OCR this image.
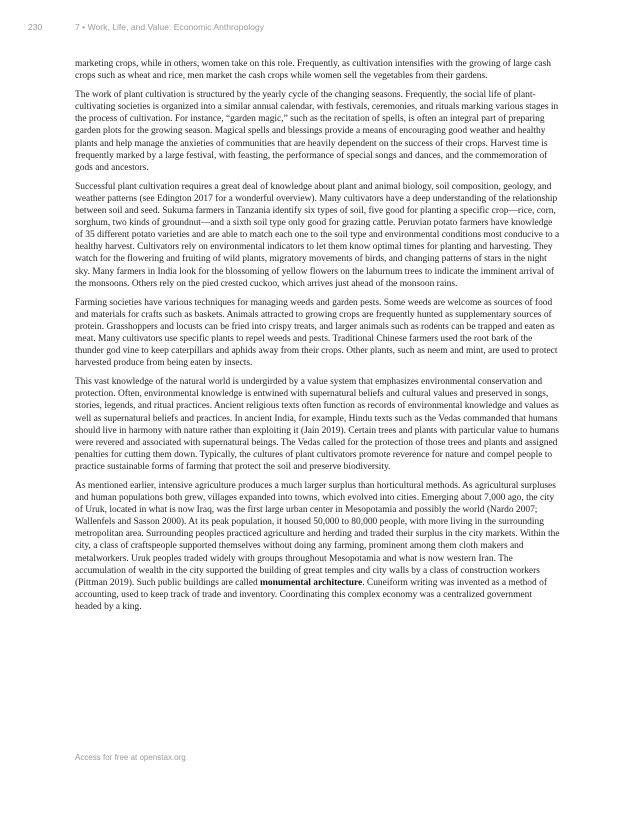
230	7 • Work, Life, and Value: Economic Anthropology

marketing crops, while in others, women take on this role. Frequently, as cultivation intensifies with the growing of large cash crops such as wheat and rice, men market the cash crops while women sell the vegetables from their gardens.

The work of plant cultivation is structured by the yearly cycle of the changing seasons. Frequently, the social life of plant-cultivating societies is organized into a similar annual calendar, with festivals, ceremonies, and rituals marking various stages in the process of cultivation. For instance, “garden magic,” such as the recitation of spells, is often an integral part of preparing garden plots for the growing season. Magical spells and blessings provide a means of encouraging good weather and healthy plants and help manage the anxieties of communities that are heavily dependent on the success of their crops. Harvest time is frequently marked by a large festival, with feasting, the performance of special songs and dances, and the commemoration of gods and ancestors.

Successful plant cultivation requires a great deal of knowledge about plant and animal biology, soil composition, geology, and weather patterns (see Edington 2017 for a wonderful overview). Many cultivators have a deep understanding of the relationship between soil and seed. Sukuma farmers in Tanzania identify six types of soil, five good for planting a specific crop—rice, corn, sorghum, two kinds of groundnut—and a sixth soil type only good for grazing cattle. Peruvian potato farmers have knowledge of 35 different potato varieties and are able to match each one to the soil type and environmental conditions most conducive to a healthy harvest. Cultivators rely on environmental indicators to let them know optimal times for planting and harvesting. They watch for the flowering and fruiting of wild plants, migratory movements of birds, and changing patterns of stars in the night sky. Many farmers in India look for the blossoming of yellow flowers on the laburnum trees to indicate the imminent arrival of the monsoons. Others rely on the pied crested cuckoo, which arrives just ahead of the monsoon rains.

Farming societies have various techniques for managing weeds and garden pests. Some weeds are welcome as sources of food and materials for crafts such as baskets. Animals attracted to growing crops are frequently hunted as supplementary sources of protein. Grasshoppers and locusts can be fried into crispy treats, and larger animals such as rodents can be trapped and eaten as meat. Many cultivators use specific plants to repel weeds and pests. Traditional Chinese farmers used the root bark of the thunder god vine to keep caterpillars and aphids away from their crops. Other plants, such as neem and mint, are used to protect harvested produce from being eaten by insects.

This vast knowledge of the natural world is undergirded by a value system that emphasizes environmental conservation and protection. Often, environmental knowledge is entwined with supernatural beliefs and cultural values and preserved in songs, stories, legends, and ritual practices. Ancient religious texts often function as records of environmental knowledge and values as well as supernatural beliefs and practices. In ancient India, for example, Hindu texts such as the Vedas commanded that humans should live in harmony with nature rather than exploiting it (Jain 2019). Certain trees and plants with particular value to humans were revered and associated with supernatural beings. The Vedas called for the protection of those trees and plants and assigned penalties for cutting them down. Typically, the cultures of plant cultivators promote reverence for nature and compel people to practice sustainable forms of farming that protect the soil and preserve biodiversity.

As mentioned earlier, intensive agriculture produces a much larger surplus than horticultural methods. As agricultural surpluses and human populations both grew, villages expanded into towns, which evolved into cities. Emerging about 7,000 ago, the city of Uruk, located in what is now Iraq, was the first large urban center in Mesopotamia and possibly the world (Nardo 2007; Wallenfels and Sasson 2000). At its peak population, it housed 50,000 to 80,000 people, with more living in the surrounding metropolitan area. Surrounding peoples practiced agriculture and herding and traded their surplus in the city markets. Within the city, a class of craftspeople supported themselves without doing any farming, prominent among them cloth makers and metalworkers. Uruk peoples traded widely with groups throughout Mesopotamia and what is now western Iran. The accumulation of wealth in the city supported the building of great temples and city walls by a class of construction workers (Pittman 2019). Such public buildings are called monumental architecture. Cuneiform writing was invented as a method of accounting, used to keep track of trade and inventory. Coordinating this complex economy was a centralized government headed by a king.

Access for free at openstax.org
